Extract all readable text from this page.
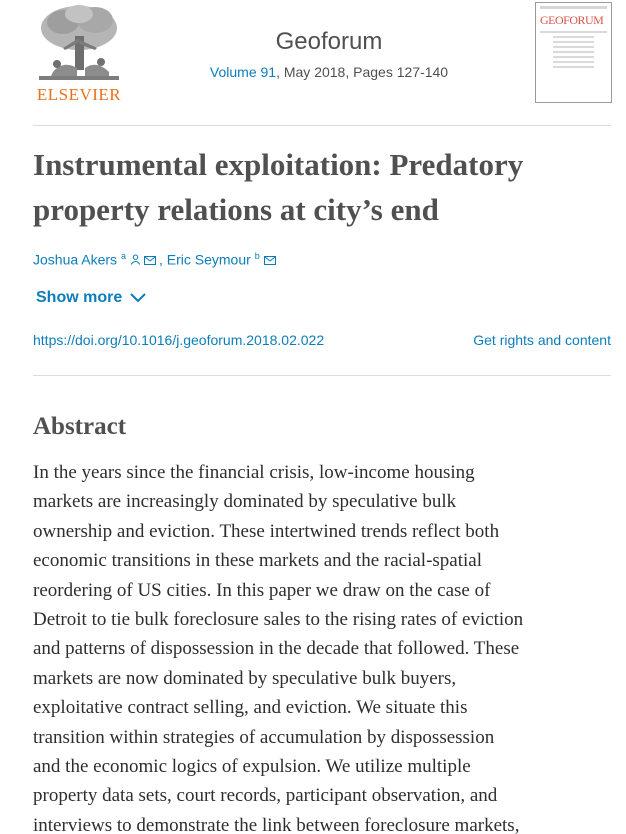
ELSEVIER
Geoforum
Volume 91, May 2018, Pages 127-140
GEOFORUM
Instrumental exploitation: Predatory property relations at city’s end
Joshua Akers $^a$ , Eric Seymour $^b$
Show more
https://doi.org/10.1016/j.geoforum.2018.02.022	Get rights and content
Abstract
In the years since the financial crisis, low-income housing
markets are increasingly dominated by speculative bulk
ownership and eviction. These intertwined trends reflect both
economic transitions in these markets and the racial-spatial
reordering of US cities. In this paper we draw on the case of
Detroit to tie bulk foreclosure sales to the rising rates of eviction
and patterns of dispossession in the decade that followed. These
markets are now dominated by speculative bulk buyers,
exploitative contract selling, and eviction. We situate this
transition within strategies of accumulation by dispossession
and the economic logics of expulsion. We utilize multiple
property data sets, court records, participant observation, and
interviews to demonstrate the link between foreclosure markets,
